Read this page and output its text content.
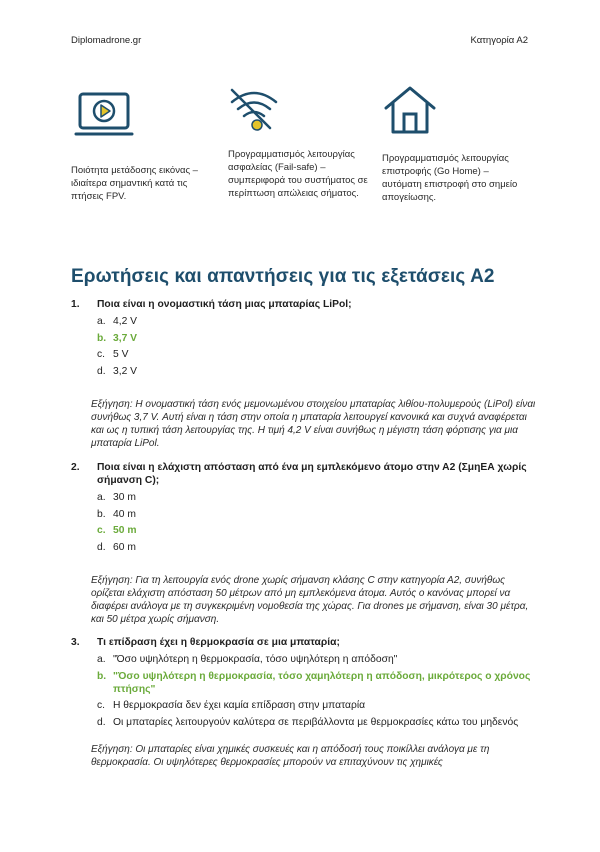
Diplomadrone.gr	Κατηγορία Α2
Ποιότητα μετάδοσης εικόνας – ιδιαίτερα σημαντική κατά τις πτήσεις FPV.
Προγραμματισμός λειτουργίας ασφαλείας (Fail-safe) – συμπεριφορά του συστήματος σε περίπτωση απώλειας σήματος.
Προγραμματισμός λειτουργίας επιστροφής (Go Home) – αυτόματη επιστροφή στο σημείο απογείωσης.
Ερωτήσεις και απαντήσεις για τις εξετάσεις Α2
1. Ποια είναι η ονομαστική τάση μιας μπαταρίας LiPol;
a. 4,2 V
b. 3,7 V
c. 5 V
d. 3,2 V
Εξήγηση: Η ονομαστική τάση ενός μεμονωμένου στοιχείου μπαταρίας λιθίου-πολυμερούς (LiPol) είναι συνήθως 3,7 V. Αυτή είναι η τάση στην οποία η μπαταρία λειτουργεί κανονικά και συχνά αναφέρεται και ως η τυπική τάση λειτουργίας της. Η τιμή 4,2 V είναι συνήθως η μέγιστη τάση φόρτισης για μια μπαταρία LiPol.
2. Ποια είναι η ελάχιστη απόσταση από ένα μη εμπλεκόμενο άτομο στην Α2 (ΣμηΕΑ χωρίς σήμανση C);
a. 30 m
b. 40 m
c. 50 m
d. 60 m
Εξήγηση: Για τη λειτουργία ενός drone χωρίς σήμανση κλάσης C στην κατηγορία Α2, συνήθως ορίζεται ελάχιστη απόσταση 50 μέτρων από μη εμπλεκόμενα άτομα. Αυτός ο κανόνας μπορεί να διαφέρει ανάλογα με τη συγκεκριμένη νομοθεσία της χώρας. Για drones με σήμανση, είναι 30 μέτρα, και 50 μέτρα χωρίς σήμανση.
3. Τι επίδραση έχει η θερμοκρασία σε μια μπαταρία;
a. "Όσο υψηλότερη η θερμοκρασία, τόσο υψηλότερη η απόδοση"
b. "Όσο υψηλότερη η θερμοκρασία, τόσο χαμηλότερη η απόδοση, μικρότερος ο χρόνος πτήσης"
c. Η θερμοκρασία δεν έχει καμία επίδραση στην μπαταρία
d. Οι μπαταρίες λειτουργούν καλύτερα σε περιβάλλοντα με θερμοκρασίες κάτω του μηδενός
Εξήγηση: Οι μπαταρίες είναι χημικές συσκευές και η απόδοσή τους ποικίλλει ανάλογα με τη θερμοκρασία. Οι υψηλότερες θερμοκρασίες μπορούν να επιταχύνουν τις χημικές
